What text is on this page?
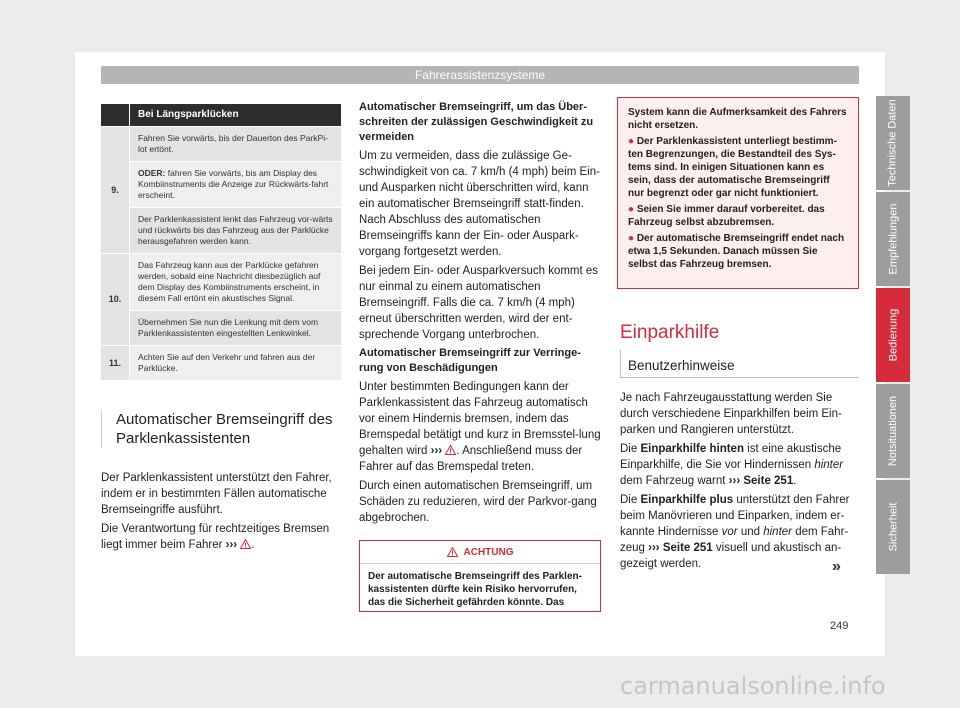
Fahrerassistenzsysteme
Bei Längsparklücken
9.
Fahren Sie vorwärts, bis der Dauerton des ParkPi-lot ertönt.
ODER: fahren Sie vorwärts, bis am Display des Kombiinstruments die Anzeige zur Rückwärts-fahrt erscheint.
Der Parklenkassistent lenkt das Fahrzeug vor-wärts und rückwärts bis das Fahrzeug aus der Parklücke herausgefahren werden kann.
10.
Das Fahrzeug kann aus der Parklücke gefahren werden, sobald eine Nachricht diesbezüglich auf dem Display des Kombiinstruments erscheint, in diesem Fall ertönt ein akustisches Signal.
Übernehmen Sie nun die Lenkung mit dem vom Parklenkassistenten eingestellten Lenkwinkel.
11.
Achten Sie auf den Verkehr und fahren aus der Parklücke.
Automatischer Bremseingriff des Parklenkassistenten

Der Parklenkassistent unterstützt den Fahrer, indem er in bestimmten Fällen automatische Bremseingriffe ausführt.

Die Verantwortung für rechtzeitiges Bremsen liegt immer beim Fahrer ››› .

Automatischer Bremseingriff, um das Über-schreiten der zulässigen Geschwindigkeit zu vermeiden

Um zu vermeiden, dass die zulässige Ge-schwindigkeit von ca. 7 km/h (4 mph) beim Ein- und Ausparken nicht überschritten wird, kann ein automatischer Bremseingriff statt-finden. Nach Abschluss des automatischen Bremseingriffs kann der Ein- oder Auspark-vorgang fortgesetzt werden.

Bei jedem Ein- oder Ausparkversuch kommt es nur einmal zu einem automatischen Bremseingriff. Falls die ca. 7 km/h (4 mph) erneut überschritten werden, wird der ent-sprechende Vorgang unterbrochen.

Automatischer Bremseingriff zur Verringe-rung von Beschädigungen

Unter bestimmten Bedingungen kann der Parklenkassistent das Fahrzeug automatisch vor einem Hindernis bremsen, indem das Bremspedal betätigt und kurz in Bremsstel-lung gehalten wird ››› . Anschließend muss der Fahrer auf das Bremspedal treten.

Durch einen automatischen Bremseingriff, um Schäden zu reduzieren, wird der Parkvor-gang abgebrochen.

ACHTUNG
Der automatische Bremseingriff des Parklen-kassistenten dürfte kein Risiko hervorrufen, das die Sicherheit gefährden könnte. Das

System kann die Aufmerksamkeit des Fahrers nicht ersetzen.

● Der Parklenkassistent unterliegt bestimm-ten Begrenzungen, die Bestandteil des Sys-tems sind. In einigen Situationen kann es sein, dass der automatische Bremseingriff nur begrenzt oder gar nicht funktioniert.

● Seien Sie immer darauf vorbereitet. das Fahrzeug selbst abzubremsen.

● Der automatische Bremseingriff endet nach etwa 1,5 Sekunden. Danach müssen Sie selbst das Fahrzeug bremsen.

Einparkhilfe
Benutzerhinweise

Je nach Fahrzeugausstattung werden Sie durch verschiedene Einparkhilfen beim Ein-parken und Rangieren unterstützt.

Die Einparkhilfe hinten ist eine akustische Einparkhilfe, die Sie vor Hindernissen hinter dem Fahrzeug warnt ››› Seite 251.

Die Einparkhilfe plus unterstützt den Fahrer beim Manövrieren und Einparken, indem er-kannte Hindernisse vor und hinter dem Fahr-zeug ››› Seite 251 visuell und akustisch an-gezeigt werden.	»
Technische Daten
Empfehlungen
Bedienung
Notsituationen
Sicherheit
249
carmanualsonline.info
